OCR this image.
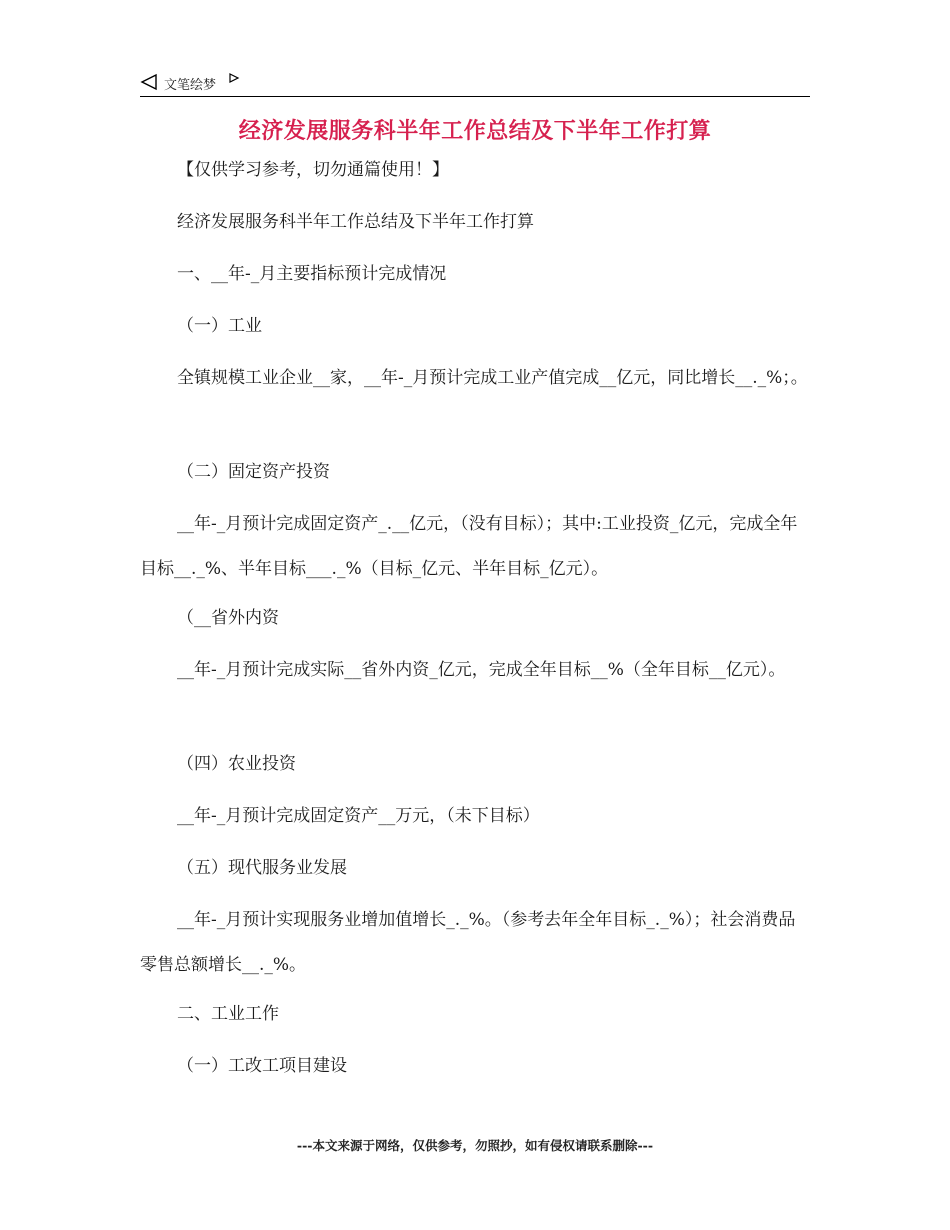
文笔绘梦
经济发展服务科半年工作总结及下半年工作打算
【仅供学习参考，切勿通篇使用！】
经济发展服务科半年工作总结及下半年工作打算
一、__年-_月主要指标预计完成情况
（一）工业
全镇规模工业企业__家，__年-_月预计完成工业产值完成__亿元，同比增长__._%；。
（二）固定资产投资
__年-_月预计完成固定资产_.__亿元，（没有目标）；其中:工业投资_亿元，完成全年目标__._%、半年目标___._%（目标_亿元、半年目标_亿元）。
（__省外内资
__年-_月预计完成实际__省外内资_亿元，完成全年目标__%（全年目标__亿元）。
（四）农业投资
__年-_月预计完成固定资产__万元，（未下目标）
（五）现代服务业发展
__年-_月预计实现服务业增加值增长_._%。（参考去年全年目标_._%）；社会消费品零售总额增长__._%。
二、工业工作
（一）工改工项目建设
---本文来源于网络，仅供参考，勿照抄，如有侵权请联系删除---
